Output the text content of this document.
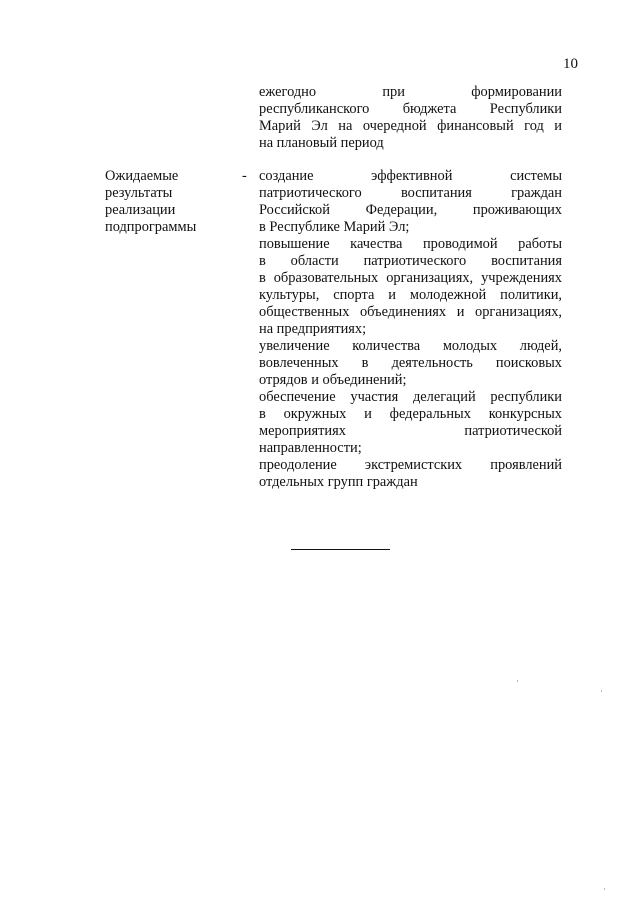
10
ежегодно при формировании
республиканского бюджета Республики
Марий Эл на очередной финансовый год и
на плановый период
Ожидаемые
результаты
реализации
подпрограммы
- создание эффективной системы
патриотического воспитания граждан
Российской Федерации, проживающих
в Республике Марий Эл;
повышение качества проводимой работы
в области патриотического воспитания
в образовательных организациях, учреждениях
культуры, спорта и молодежной политики,
общественных объединениях и организациях,
на предприятиях;
увеличение количества молодых людей,
вовлеченных в деятельность поисковых
отрядов и объединений;
обеспечение участия делегаций республики
в окружных и федеральных конкурсных
мероприятиях патриотической
направленности;
преодоление экстремистских проявлений
отдельных групп граждан
